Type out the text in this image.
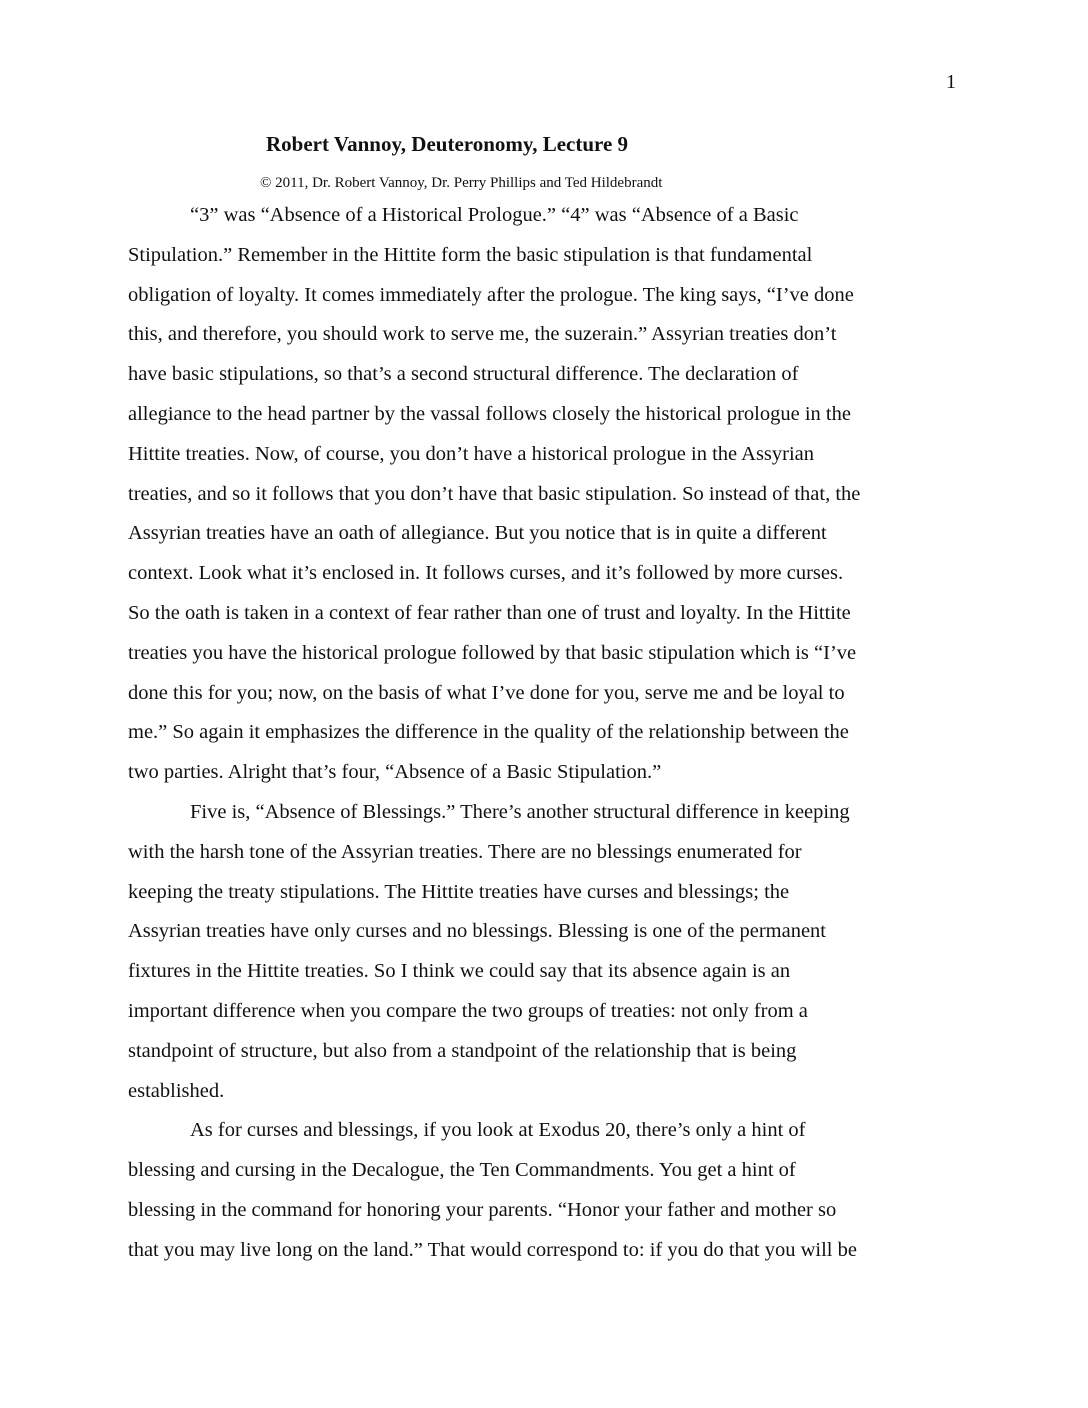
1
Robert Vannoy, Deuteronomy, Lecture 9
© 2011, Dr. Robert Vannoy, Dr. Perry Phillips and Ted Hildebrandt
“3” was “Absence of a Historical Prologue.” “4” was “Absence of a Basic
Stipulation.” Remember in the Hittite form the basic stipulation is that fundamental
obligation of loyalty. It comes immediately after the prologue. The king says, “I’ve done
this, and therefore, you should work to serve me, the suzerain.” Assyrian treaties don’t
have basic stipulations, so that’s a second structural difference. The declaration of
allegiance to the head partner by the vassal follows closely the historical prologue in the
Hittite treaties. Now, of course, you don’t have a historical prologue in the Assyrian
treaties, and so it follows that you don’t have that basic stipulation. So instead of that, the
Assyrian treaties have an oath of allegiance. But you notice that is in quite a different
context. Look what it’s enclosed in. It follows curses, and it’s followed by more curses.
So the oath is taken in a context of fear rather than one of trust and loyalty. In the Hittite
treaties you have the historical prologue followed by that basic stipulation which is “I’ve
done this for you; now, on the basis of what I’ve done for you, serve me and be loyal to
me.” So again it emphasizes the difference in the quality of the relationship between the
two parties. Alright that’s four, “Absence of a Basic Stipulation.”
Five is, “Absence of Blessings.” There’s another structural difference in keeping
with the harsh tone of the Assyrian treaties. There are no blessings enumerated for
keeping the treaty stipulations. The Hittite treaties have curses and blessings; the
Assyrian treaties have only curses and no blessings. Blessing is one of the permanent
fixtures in the Hittite treaties. So I think we could say that its absence again is an
important difference when you compare the two groups of treaties: not only from a
standpoint of structure, but also from a standpoint of the relationship that is being
established.
As for curses and blessings, if you look at Exodus 20, there’s only a hint of
blessing and cursing in the Decalogue, the Ten Commandments. You get a hint of
blessing in the command for honoring your parents. “Honor your father and mother so
that you may live long on the land.” That would correspond to: if you do that you will be
